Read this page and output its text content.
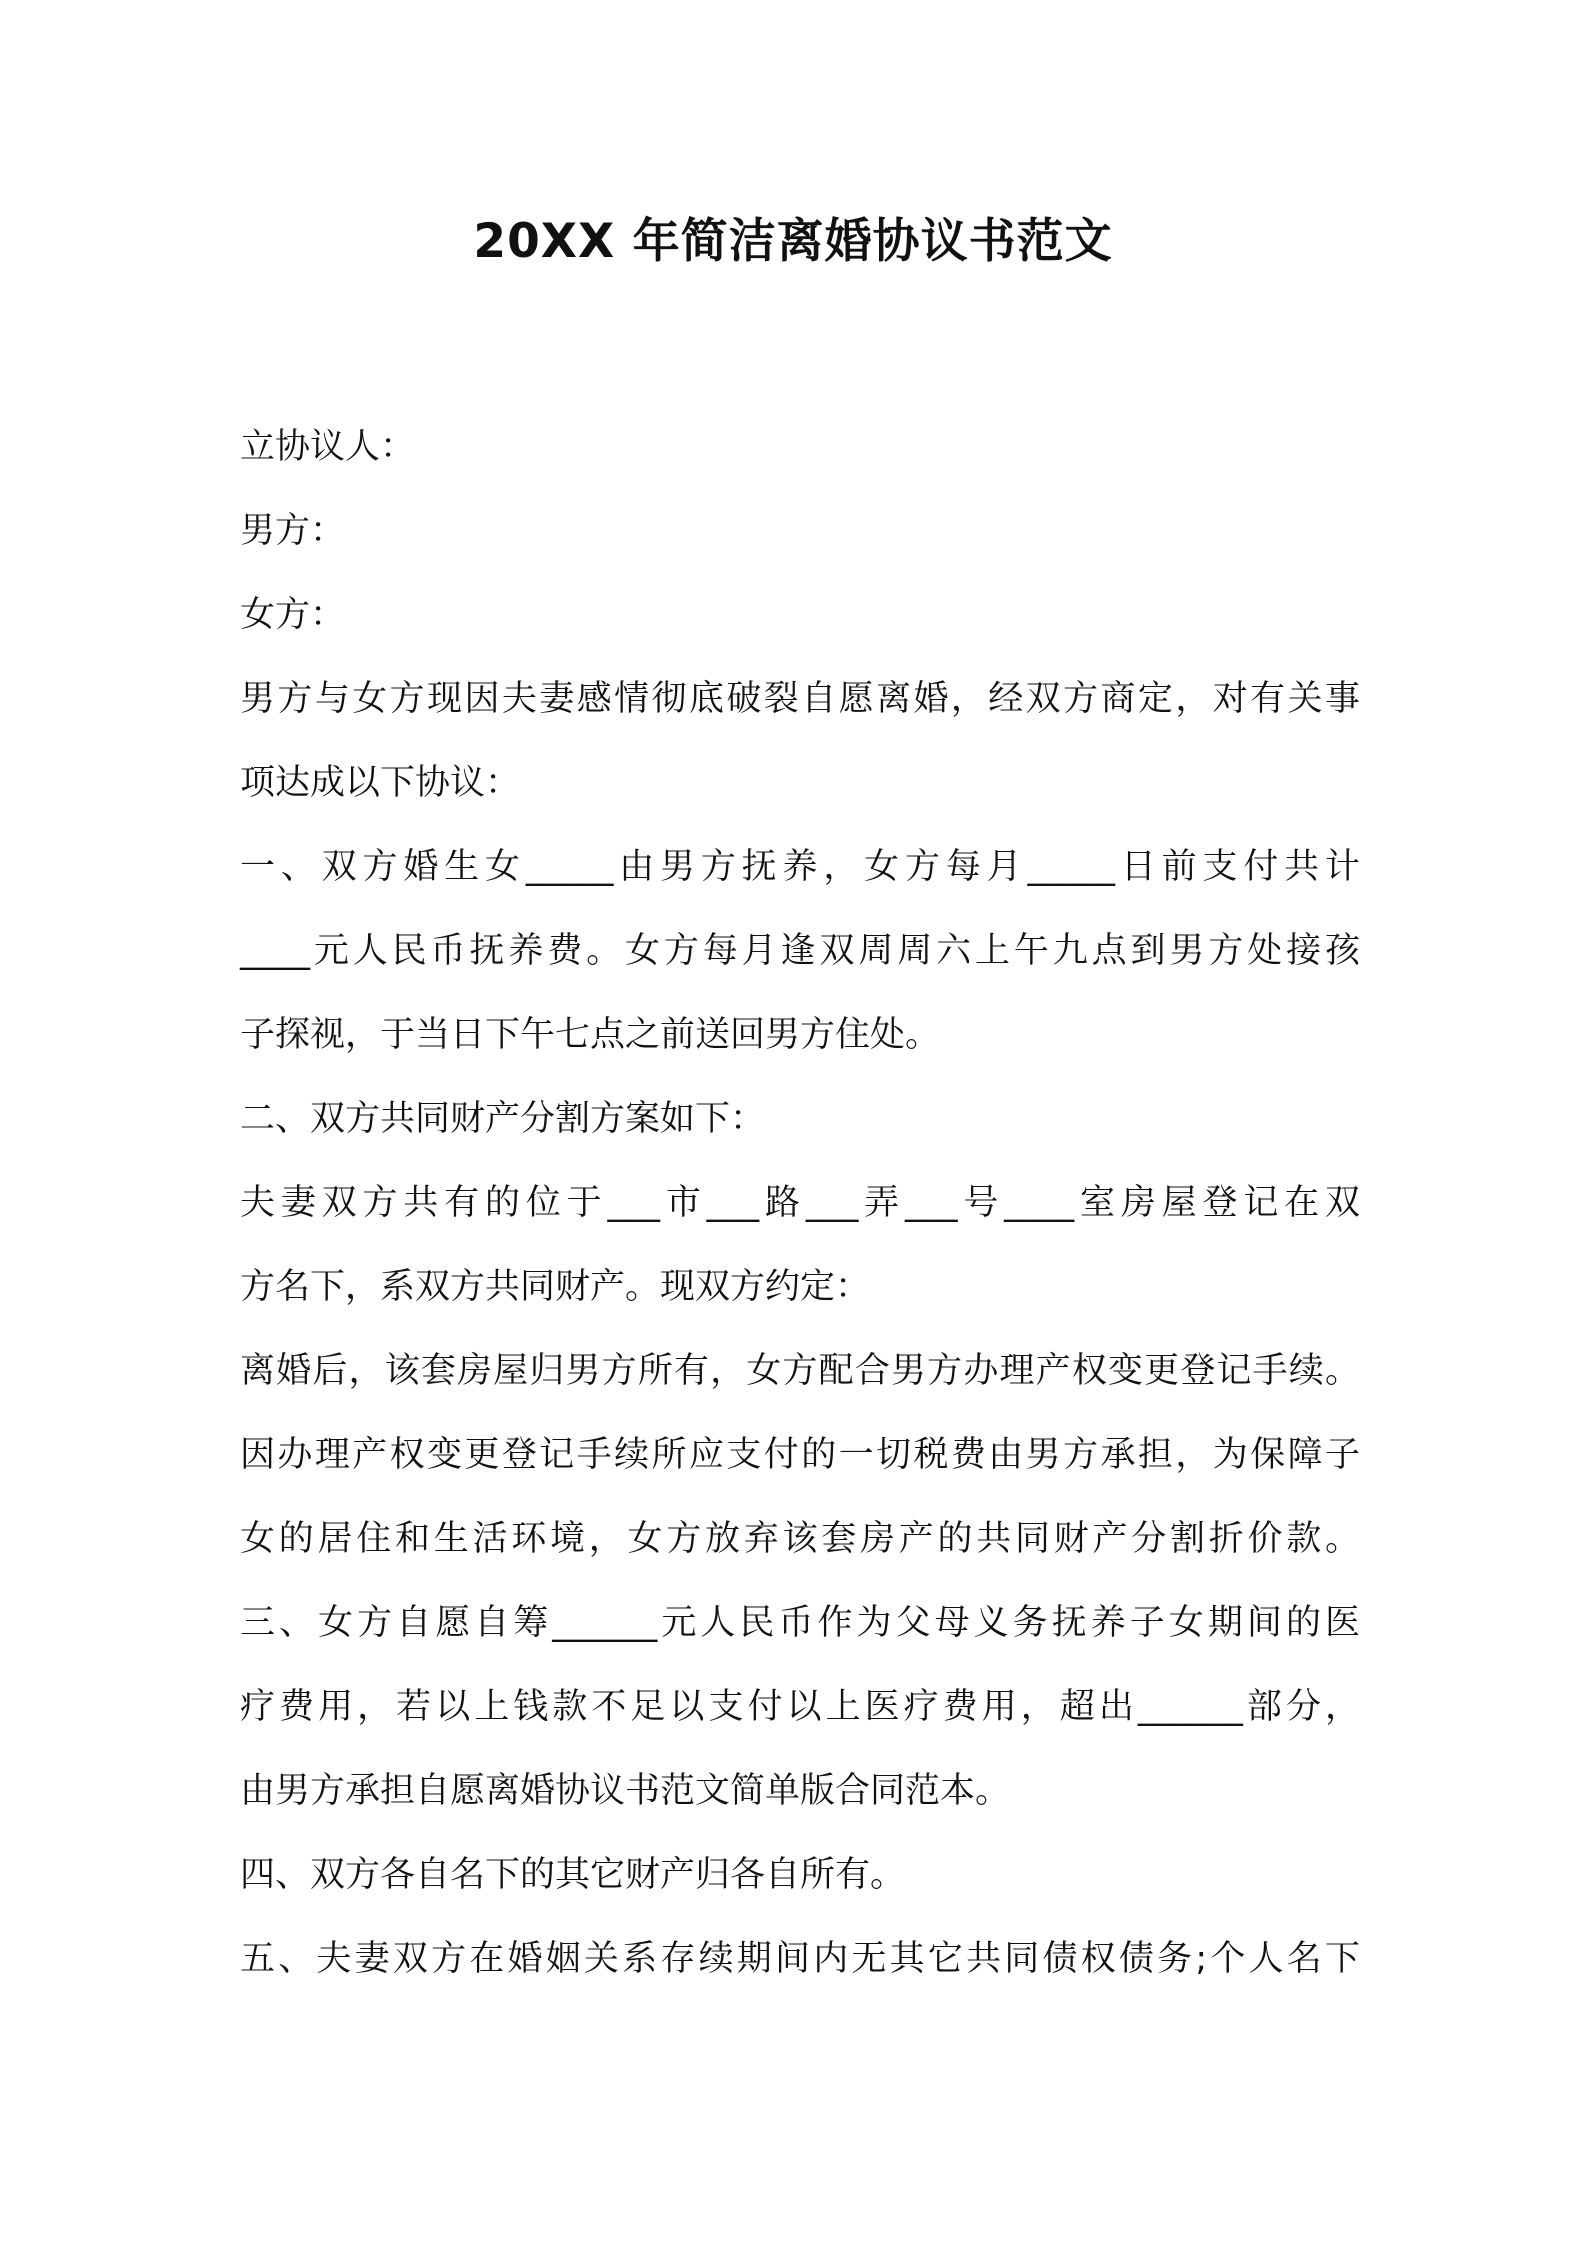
20XX 年简洁离婚协议书范文
立协议人：
男方：
女方：
男方与女方现因夫妻感情彻底破裂自愿离婚，经双方商定，对有关事
项达成以下协议：
一、双方婚生女_____由男方抚养，女方每月_____日前支付共计
____元人民币抚养费。女方每月逢双周周六上午九点到男方处接孩
子探视，于当日下午七点之前送回男方住处。
二、双方共同财产分割方案如下：
夫妻双方共有的位于___市___路___弄___号____室房屋登记在双
方名下，系双方共同财产。现双方约定：
离婚后，该套房屋归男方所有，女方配合男方办理产权变更登记手续。
因办理产权变更登记手续所应支付的一切税费由男方承担，为保障子
女的居住和生活环境，女方放弃该套房产的共同财产分割折价款。
三、女方自愿自筹______元人民币作为父母义务抚养子女期间的医
疗费用，若以上钱款不足以支付以上医疗费用，超出______部分，
由男方承担自愿离婚协议书范文简单版合同范本。
四、双方各自名下的其它财产归各自所有。
五、夫妻双方在婚姻关系存续期间内无其它共同债权债务;个人名下
